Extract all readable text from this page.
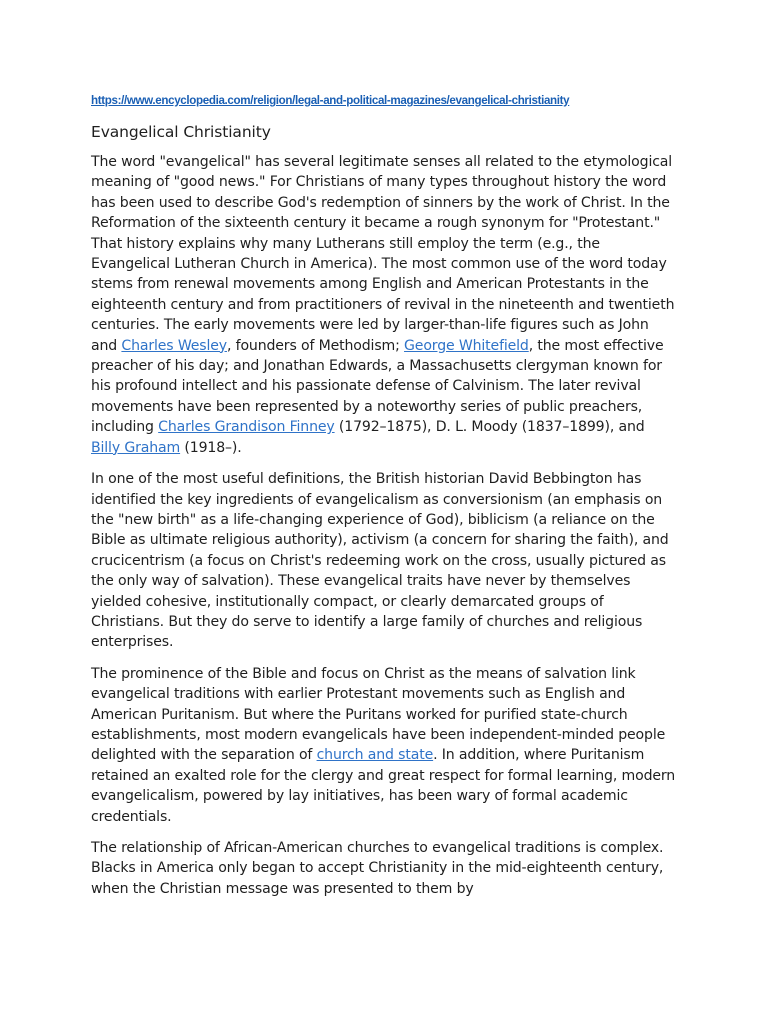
https://www.encyclopedia.com/religion/legal-and-political-magazines/evangelical-christianity
Evangelical Christianity

The word "evangelical" has several legitimate senses all related to the etymological meaning of "good news." For Christians of many types throughout history the word has been used to describe God's redemption of sinners by the work of Christ. In the Reformation of the sixteenth century it became a rough synonym for "Protestant." That history explains why many Lutherans still employ the term (e.g., the Evangelical Lutheran Church in America). The most common use of the word today stems from renewal movements among English and American Protestants in the eighteenth century and from practitioners of revival in the nineteenth and twentieth centuries. The early movements were led by larger-than-life figures such as John and Charles Wesley, founders of Methodism; George Whitefield, the most effective preacher of his day; and Jonathan Edwards, a Massachusetts clergyman known for his profound intellect and his passionate defense of Calvinism. The later revival movements have been represented by a noteworthy series of public preachers, including Charles Grandison Finney (1792–1875), D. L. Moody (1837–1899), and Billy Graham (1918–).

In one of the most useful definitions, the British historian David Bebbington has identified the key ingredients of evangelicalism as conversionism (an emphasis on the "new birth" as a life-changing experience of God), biblicism (a reliance on the Bible as ultimate religious authority), activism (a concern for sharing the faith), and crucicentrism (a focus on Christ's redeeming work on the cross, usually pictured as the only way of salvation). These evangelical traits have never by themselves yielded cohesive, institutionally compact, or clearly demarcated groups of Christians. But they do serve to identify a large family of churches and religious enterprises.

The prominence of the Bible and focus on Christ as the means of salvation link evangelical traditions with earlier Protestant movements such as English and American Puritanism. But where the Puritans worked for purified state-church establishments, most modern evangelicals have been independent-minded people delighted with the separation of church and state. In addition, where Puritanism retained an exalted role for the clergy and great respect for formal learning, modern evangelicalism, powered by lay initiatives, has been wary of formal academic credentials.

The relationship of African-American churches to evangelical traditions is complex. Blacks in America only began to accept Christianity in the mid-eighteenth century, when the Christian message was presented to them by
